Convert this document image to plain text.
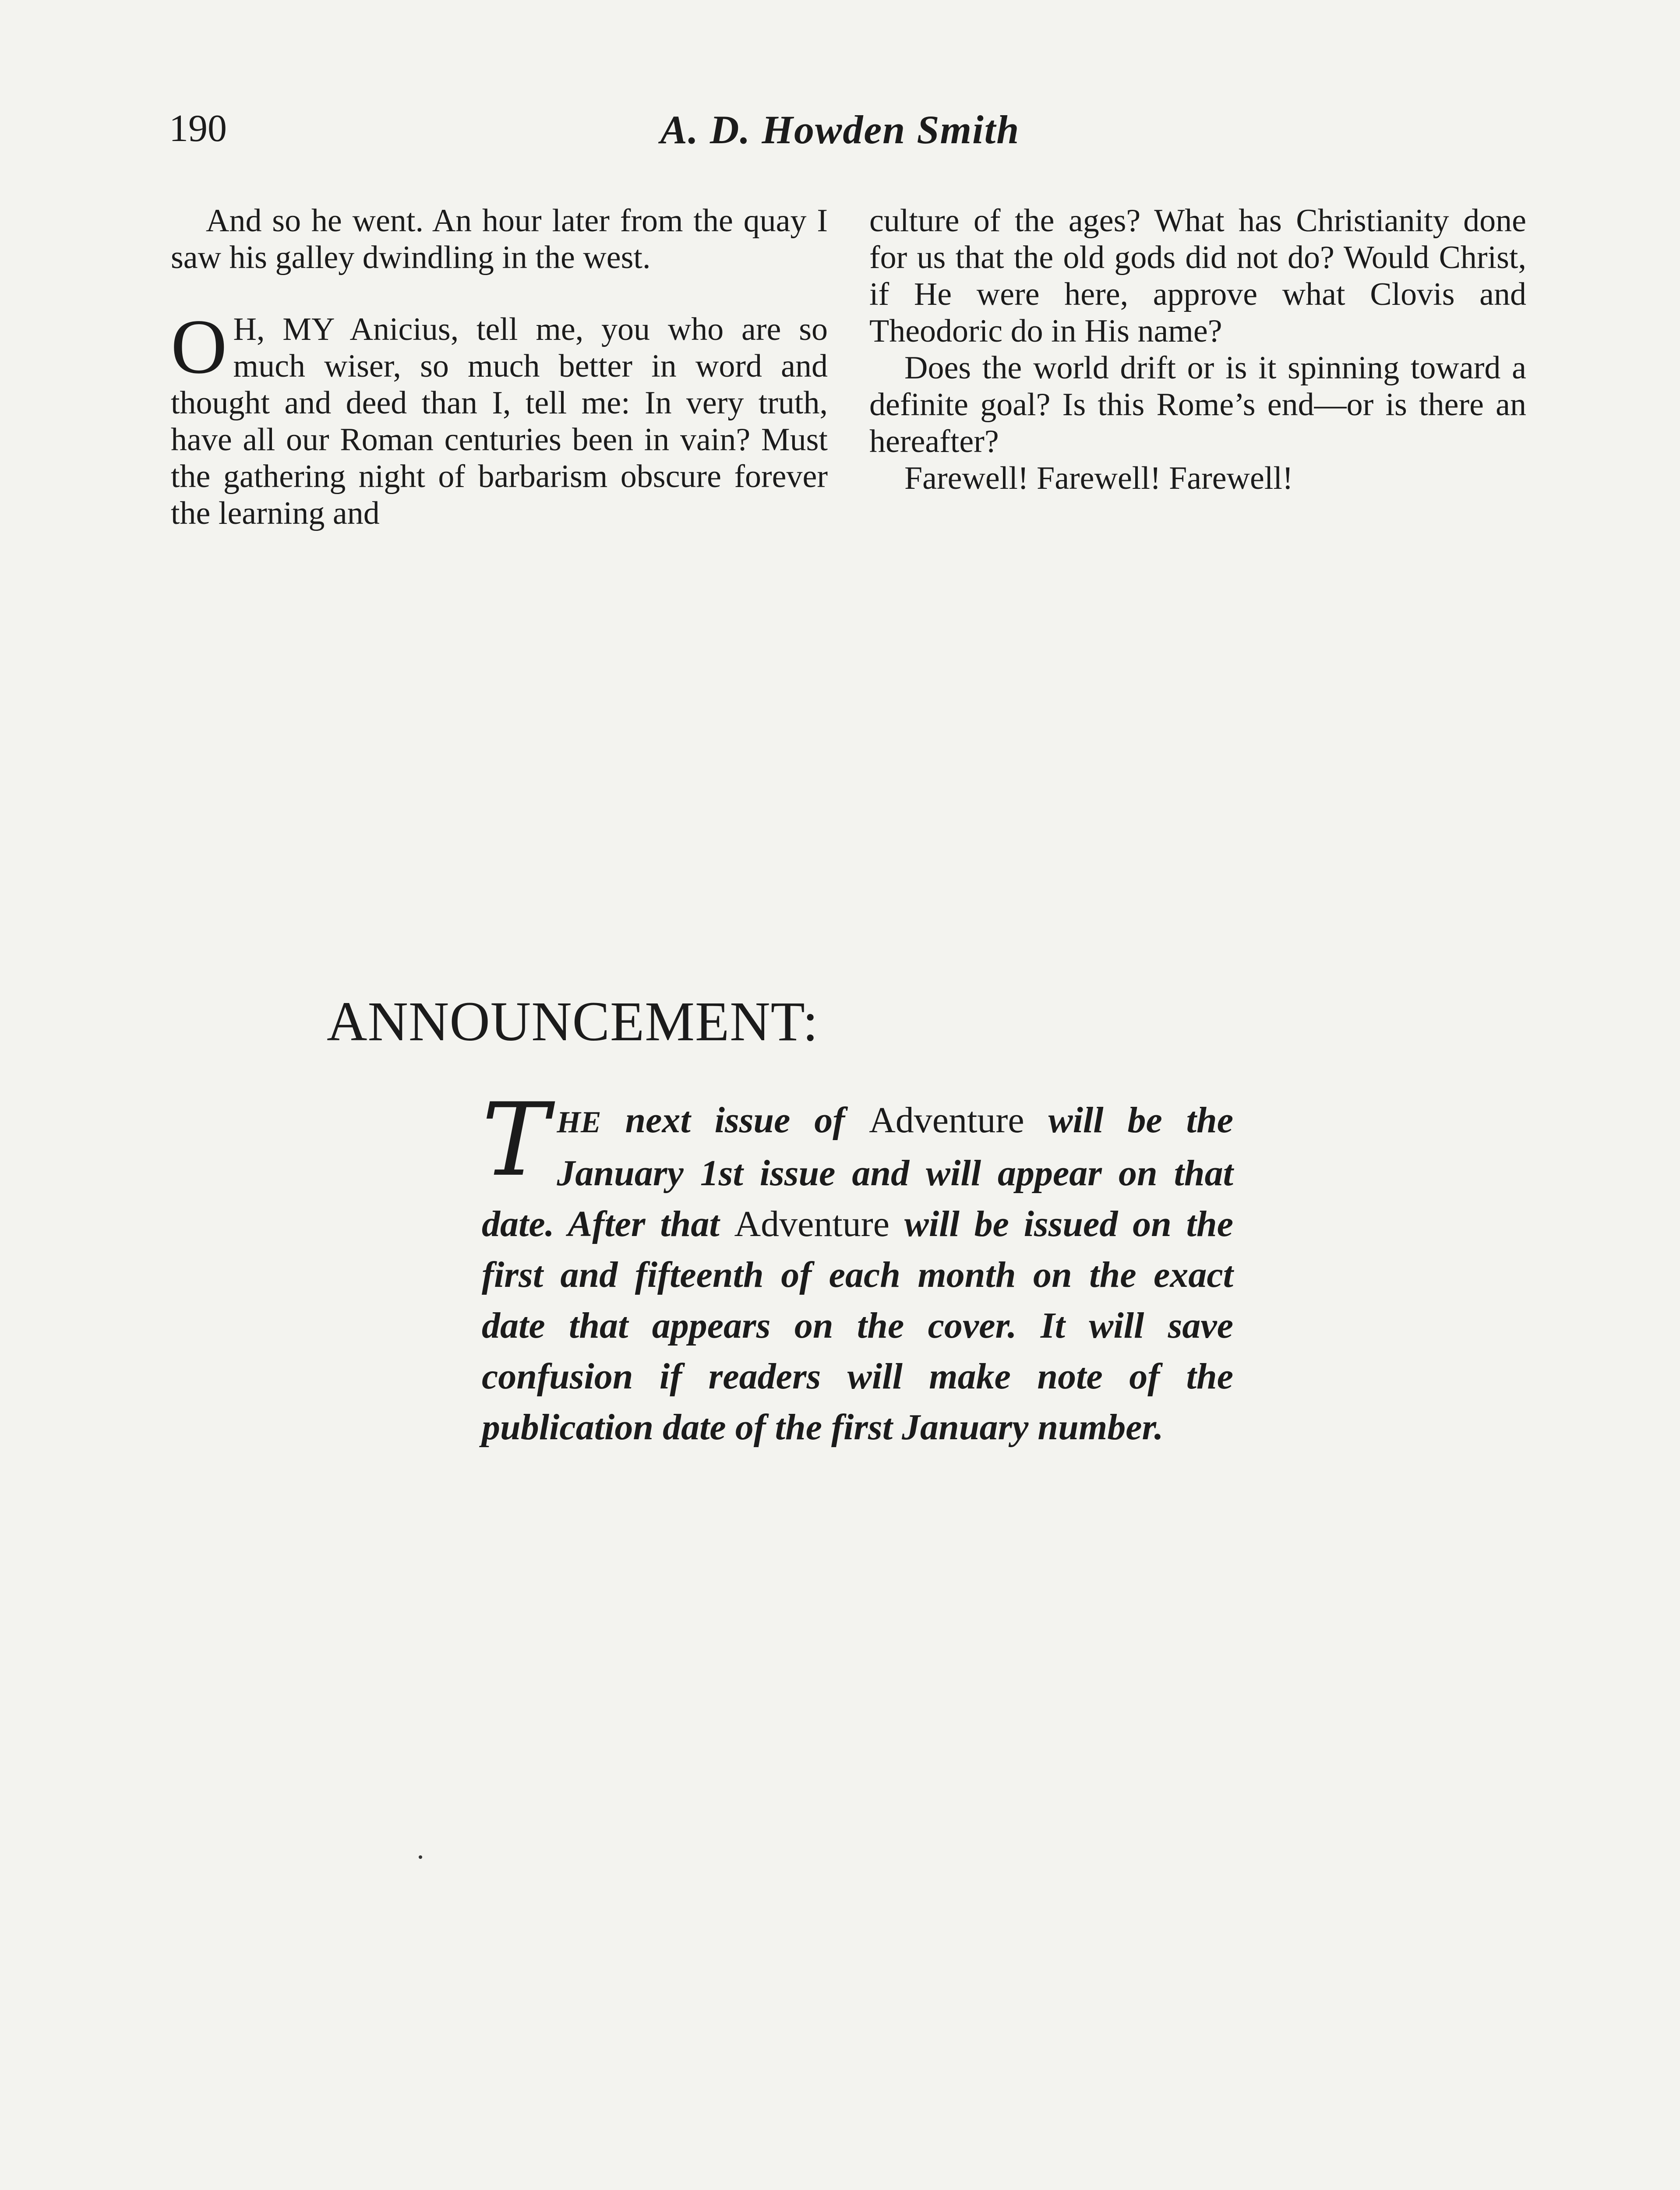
190	A. D. Howden Smith

And so he went. An hour later from the quay I saw his galley dwindling in the west.

OH, MY Anicius, tell me, you who are so much wiser, so much better in word and thought and deed than I, tell me: In very truth, have all our Roman centuries been in vain? Must the gathering night of barbarism obscure forever the learning and

culture of the ages? What has Christianity done for us that the old gods did not do? Would Christ, if He were here, approve what Clovis and Theodoric do in His name?

Does the world drift or is it spinning toward a definite goal? Is this Rome’s end—or is there an hereafter?

Farewell! Farewell! Farewell!

ANNOUNCEMENT:
THE next issue of Adventure will be the January 1st issue and will appear on that date. After that Adventure will be issued on the first and fifteenth of each month on the exact date that appears on the cover. It will save confusion if readers will make note of the publication date of the first January number.
